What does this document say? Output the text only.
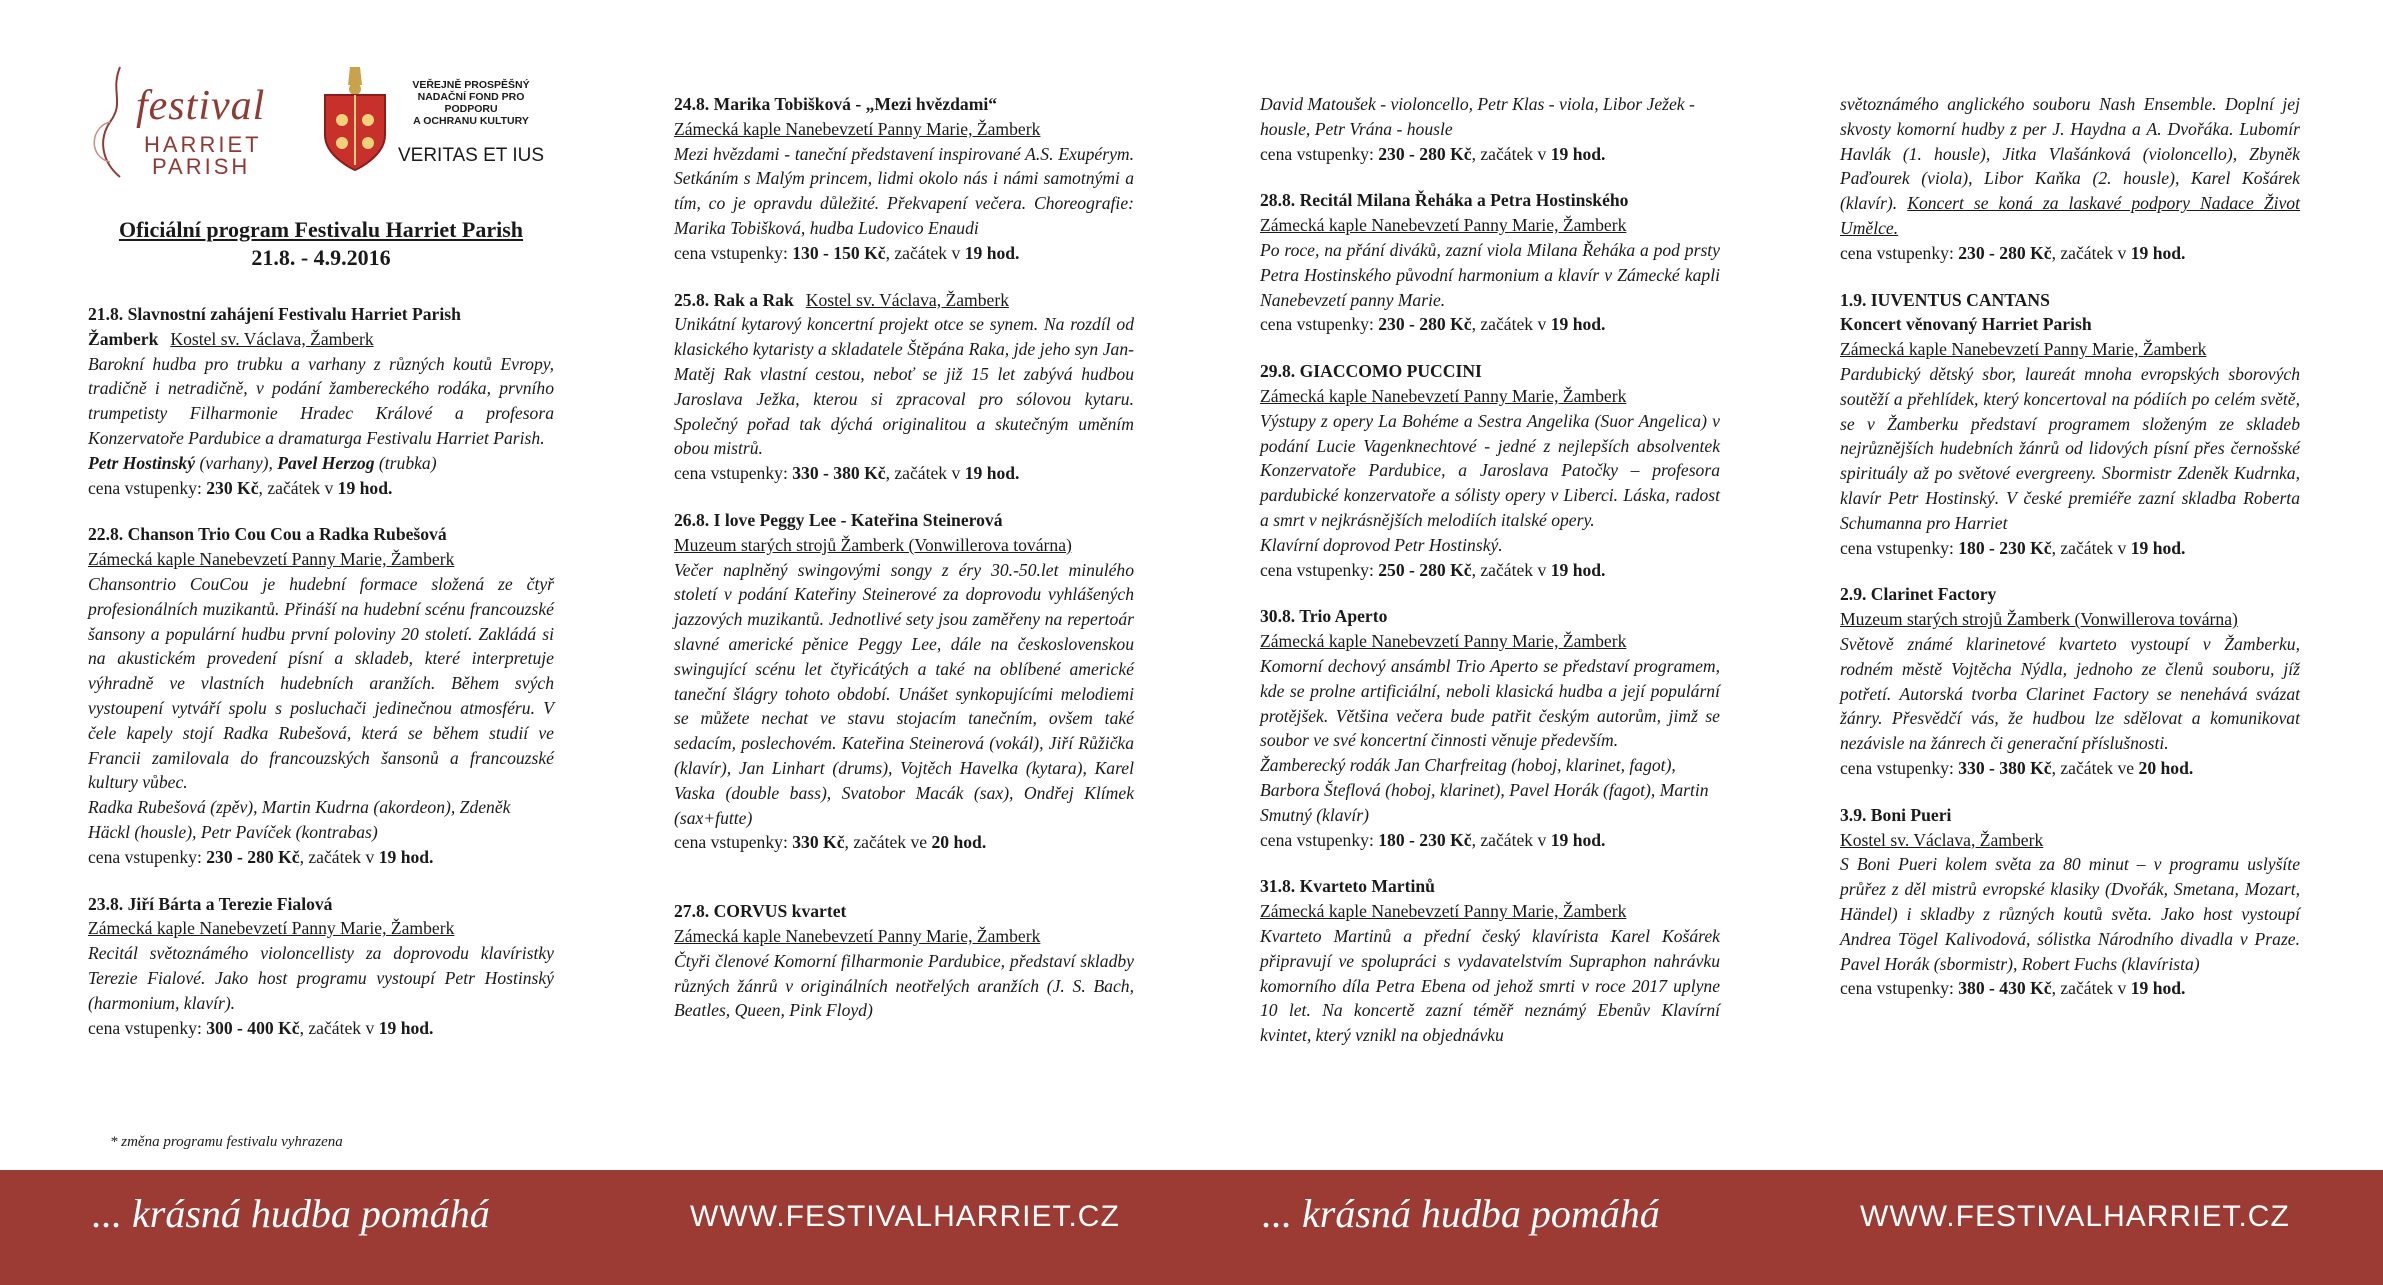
festival
HARRIET
PARISH
VEŘEJNĚ PROSPĚŠNÝ
NADAČNÍ FOND PRO PODPORU
A OCHRANU KULTURY
VERITAS ET IUS
Oficiální program Festivalu Harriet Parish
21.8. - 4.9.2016
21.8. Slavnostní zahájení Festivalu Harriet Parish
Žamberk Kostel sv. Václava, Žamberk
Barokní hudba pro trubku a varhany z různých koutů Evropy, tradičně i netradičně, v podání žambereckého rodáka, prvního trumpetisty Filharmonie Hradec Králové a profesora Konzervatoře Pardubice a dramaturga Festivalu Harriet Parish.
Petr Hostinský (varhany), Pavel Herzog (trubka)
cena vstupenky: 230 Kč, začátek v 19 hod.
22.8. Chanson Trio Cou Cou a Radka Rubešová
Zámecká kaple Nanebevzetí Panny Marie, Žamberk
Chansontrio CouCou je hudební formace složená ze čtyř profesionálních muzikantů. Přináší na hudební scénu francouzské šansony a populární hudbu první poloviny 20 století. Zakládá si na akustickém provedení písní a skladeb, které interpretuje výhradně ve vlastních hudebních aranžích. Během svých vystoupení vytváří spolu s posluchači jedinečnou atmosféru. V čele kapely stojí Radka Rubešová, která se během studií ve Francii zamilovala do francouzských šansonů a francouzské kultury vůbec.
Radka Rubešová (zpěv), Martin Kudrna (akordeon), Zdeněk Häckl (housle), Petr Pavíček (kontrabas)
cena vstupenky: 230 - 280 Kč, začátek v 19 hod.
23.8. Jiří Bárta a Terezie Fialová
Zámecká kaple Nanebevzetí Panny Marie, Žamberk
Recitál světoznámého violoncellisty za doprovodu klavíristky Terezie Fialové. Jako host programu vystoupí Petr Hostinský (harmonium, klavír).
cena vstupenky: 300 - 400 Kč, začátek v 19 hod.
24.8. Marika Tobišková - „Mezi hvězdami“
Zámecká kaple Nanebevzetí Panny Marie, Žamberk
Mezi hvězdami - taneční představení inspirované A.S. Exupérym. Setkáním s Malým princem, lidmi okolo nás i námi samotnými a tím, co je opravdu důležité. Překvapení večera. Choreografie: Marika Tobišková, hudba Ludovico Enaudi
cena vstupenky: 130 - 150 Kč, začátek v 19 hod.
25.8. Rak a Rak Kostel sv. Václava, Žamberk
Unikátní kytarový koncertní projekt otce se synem. Na rozdíl od klasického kytaristy a skladatele Štěpána Raka, jde jeho syn Jan-Matěj Rak vlastní cestou, neboť se již 15 let zabývá hudbou Jaroslava Ježka, kterou si zpracoval pro sólovou kytaru. Společný pořad tak dýchá originalitou a skutečným uměním obou mistrů.
cena vstupenky: 330 - 380 Kč, začátek v 19 hod.
26.8. I love Peggy Lee - Kateřina Steinerová
Muzeum starých strojů Žamberk (Vonwillerova továrna)
Večer naplněný swingovými songy z éry 30.-50.let minulého století v podání Kateřiny Steinerové za doprovodu vyhlášených jazzových muzikantů. Jednotlivé sety jsou zaměřeny na repertoár slavné americké pěnice Peggy Lee, dále na československou swingující scénu let čtyřicátých a také na oblíbené americké taneční šlágry tohoto období. Unášet synkopujícími melodiemi se můžete nechat ve stavu stojacím tanečním, ovšem také sedacím, poslechovém. Kateřina Steinerová (vokál), Jiří Růžička (klavír), Jan Linhart (drums), Vojtěch Havelka (kytara), Karel Vaska (double bass), Svatobor Macák (sax), Ondřej Klímek (sax+futte)
cena vstupenky: 330 Kč, začátek ve 20 hod.
27.8. CORVUS kvartet
Zámecká kaple Nanebevzetí Panny Marie, Žamberk
Čtyři členové Komorní filharmonie Pardubice, představí skladby různých žánrů v originálních neotřelých aranžích (J. S. Bach, Beatles, Queen, Pink Floyd)
David Matoušek - violoncello, Petr Klas - viola, Libor Ježek - housle, Petr Vrána - housle
cena vstupenky: 230 - 280 Kč, začátek v 19 hod.
28.8. Recitál Milana Řeháka a Petra Hostinského
Zámecká kaple Nanebevzetí Panny Marie, Žamberk
Po roce, na přání diváků, zazní viola Milana Řeháka a pod prsty Petra Hostinského původní harmonium a klavír v Zámecké kapli Nanebevzetí panny Marie.
cena vstupenky: 230 - 280 Kč, začátek v 19 hod.
29.8. GIACCOMO PUCCINI
Zámecká kaple Nanebevzetí Panny Marie, Žamberk
Výstupy z opery La Bohéme a Sestra Angelika (Suor Angelica) v podání Lucie Vagenknechtové - jedné z nejlepších absolventek Konzervatoře Pardubice, a Jaroslava Patočky – profesora pardubické konzervatoře a sólisty opery v Liberci. Láska, radost a smrt v nejkrásnějších melodiích italské opery.
Klavírní doprovod Petr Hostinský.
cena vstupenky: 250 - 280 Kč, začátek v 19 hod.
30.8. Trio Aperto
Zámecká kaple Nanebevzetí Panny Marie, Žamberk
Komorní dechový ansámbl Trio Aperto se představí programem, kde se prolne artificiální, neboli klasická hudba a její populární protějšek. Většina večera bude patřit českým autorům, jimž se soubor ve své koncertní činnosti věnuje především.
Žamberecký rodák Jan Charfreitag (hoboj, klarinet, fagot), Barbora Šteflová (hoboj, klarinet), Pavel Horák (fagot), Martin Smutný (klavír)
cena vstupenky: 180 - 230 Kč, začátek v 19 hod.
31.8. Kvarteto Martinů
Zámecká kaple Nanebevzetí Panny Marie, Žamberk
Kvarteto Martinů a přední český klavírista Karel Košárek připravují ve spolupráci s vydavatelstvím Supraphon nahrávku komorního díla Petra Ebena od jehož smrti v roce 2017 uplyne 10 let. Na koncertě zazní téměř neznámý Ebenův Klavírní kvintet, který vznikl na objednávku
světoznámého anglického souboru Nash Ensemble. Doplní jej skvosty komorní hudby z per J. Haydna a A. Dvořáka. Lubomír Havlák (1. housle), Jitka Vlašánková (violoncello), Zbyněk Paďourek (viola), Libor Kaňka (2. housle), Karel Košárek (klavír). Koncert se koná za laskavé podpory Nadace Život Umělce.
cena vstupenky: 230 - 280 Kč, začátek v 19 hod.
1.9. IUVENTUS CANTANS
Koncert věnovaný Harriet Parish
Zámecká kaple Nanebevzetí Panny Marie, Žamberk
Pardubický dětský sbor, laureát mnoha evropských sborových soutěží a přehlídek, který koncertoval na pódiích po celém světě, se v Žamberku představí programem složeným ze skladeb nejrůznějších hudebních žánrů od lidových písní přes černošské spirituály až po světové evergreeny. Sbormistr Zdeněk Kudrnka, klavír Petr Hostinský. V české premiéře zazní skladba Roberta Schumanna pro Harriet
cena vstupenky: 180 - 230 Kč, začátek v 19 hod.
2.9. Clarinet Factory
Muzeum starých strojů Žamberk (Vonwillerova továrna)
Světově známé klarinetové kvarteto vystoupí v Žamberku, rodném městě Vojtěcha Nýdla, jednoho ze členů souboru, jíž potřetí. Autorská tvorba Clarinet Factory se nenehává svázat žánry. Přesvědčí vás, že hudbou lze sdělovat a komunikovat nezávisle na žánrech či generační příslušnosti.
cena vstupenky: 330 - 380 Kč, začátek ve 20 hod.
3.9. Boni Pueri
Kostel sv. Václava, Žamberk
S Boni Pueri kolem světa za 80 minut – v programu uslyšíte průřez z děl mistrů evropské klasiky (Dvořák, Smetana, Mozart, Händel) i skladby z různých koutů světa. Jako host vystoupí Andrea Tögel Kalivodová, sólistka Národního divadla v Praze. Pavel Horák (sbormistr), Robert Fuchs (klavírista)
cena vstupenky: 380 - 430 Kč, začátek v 19 hod.
* změna programu festivalu vyhrazena
... krásná hudba pomáhá	WWW.FESTIVALHARRIET.CZ	... krásná hudba pomáhá	WWW.FESTIVALHARRIET.CZ
